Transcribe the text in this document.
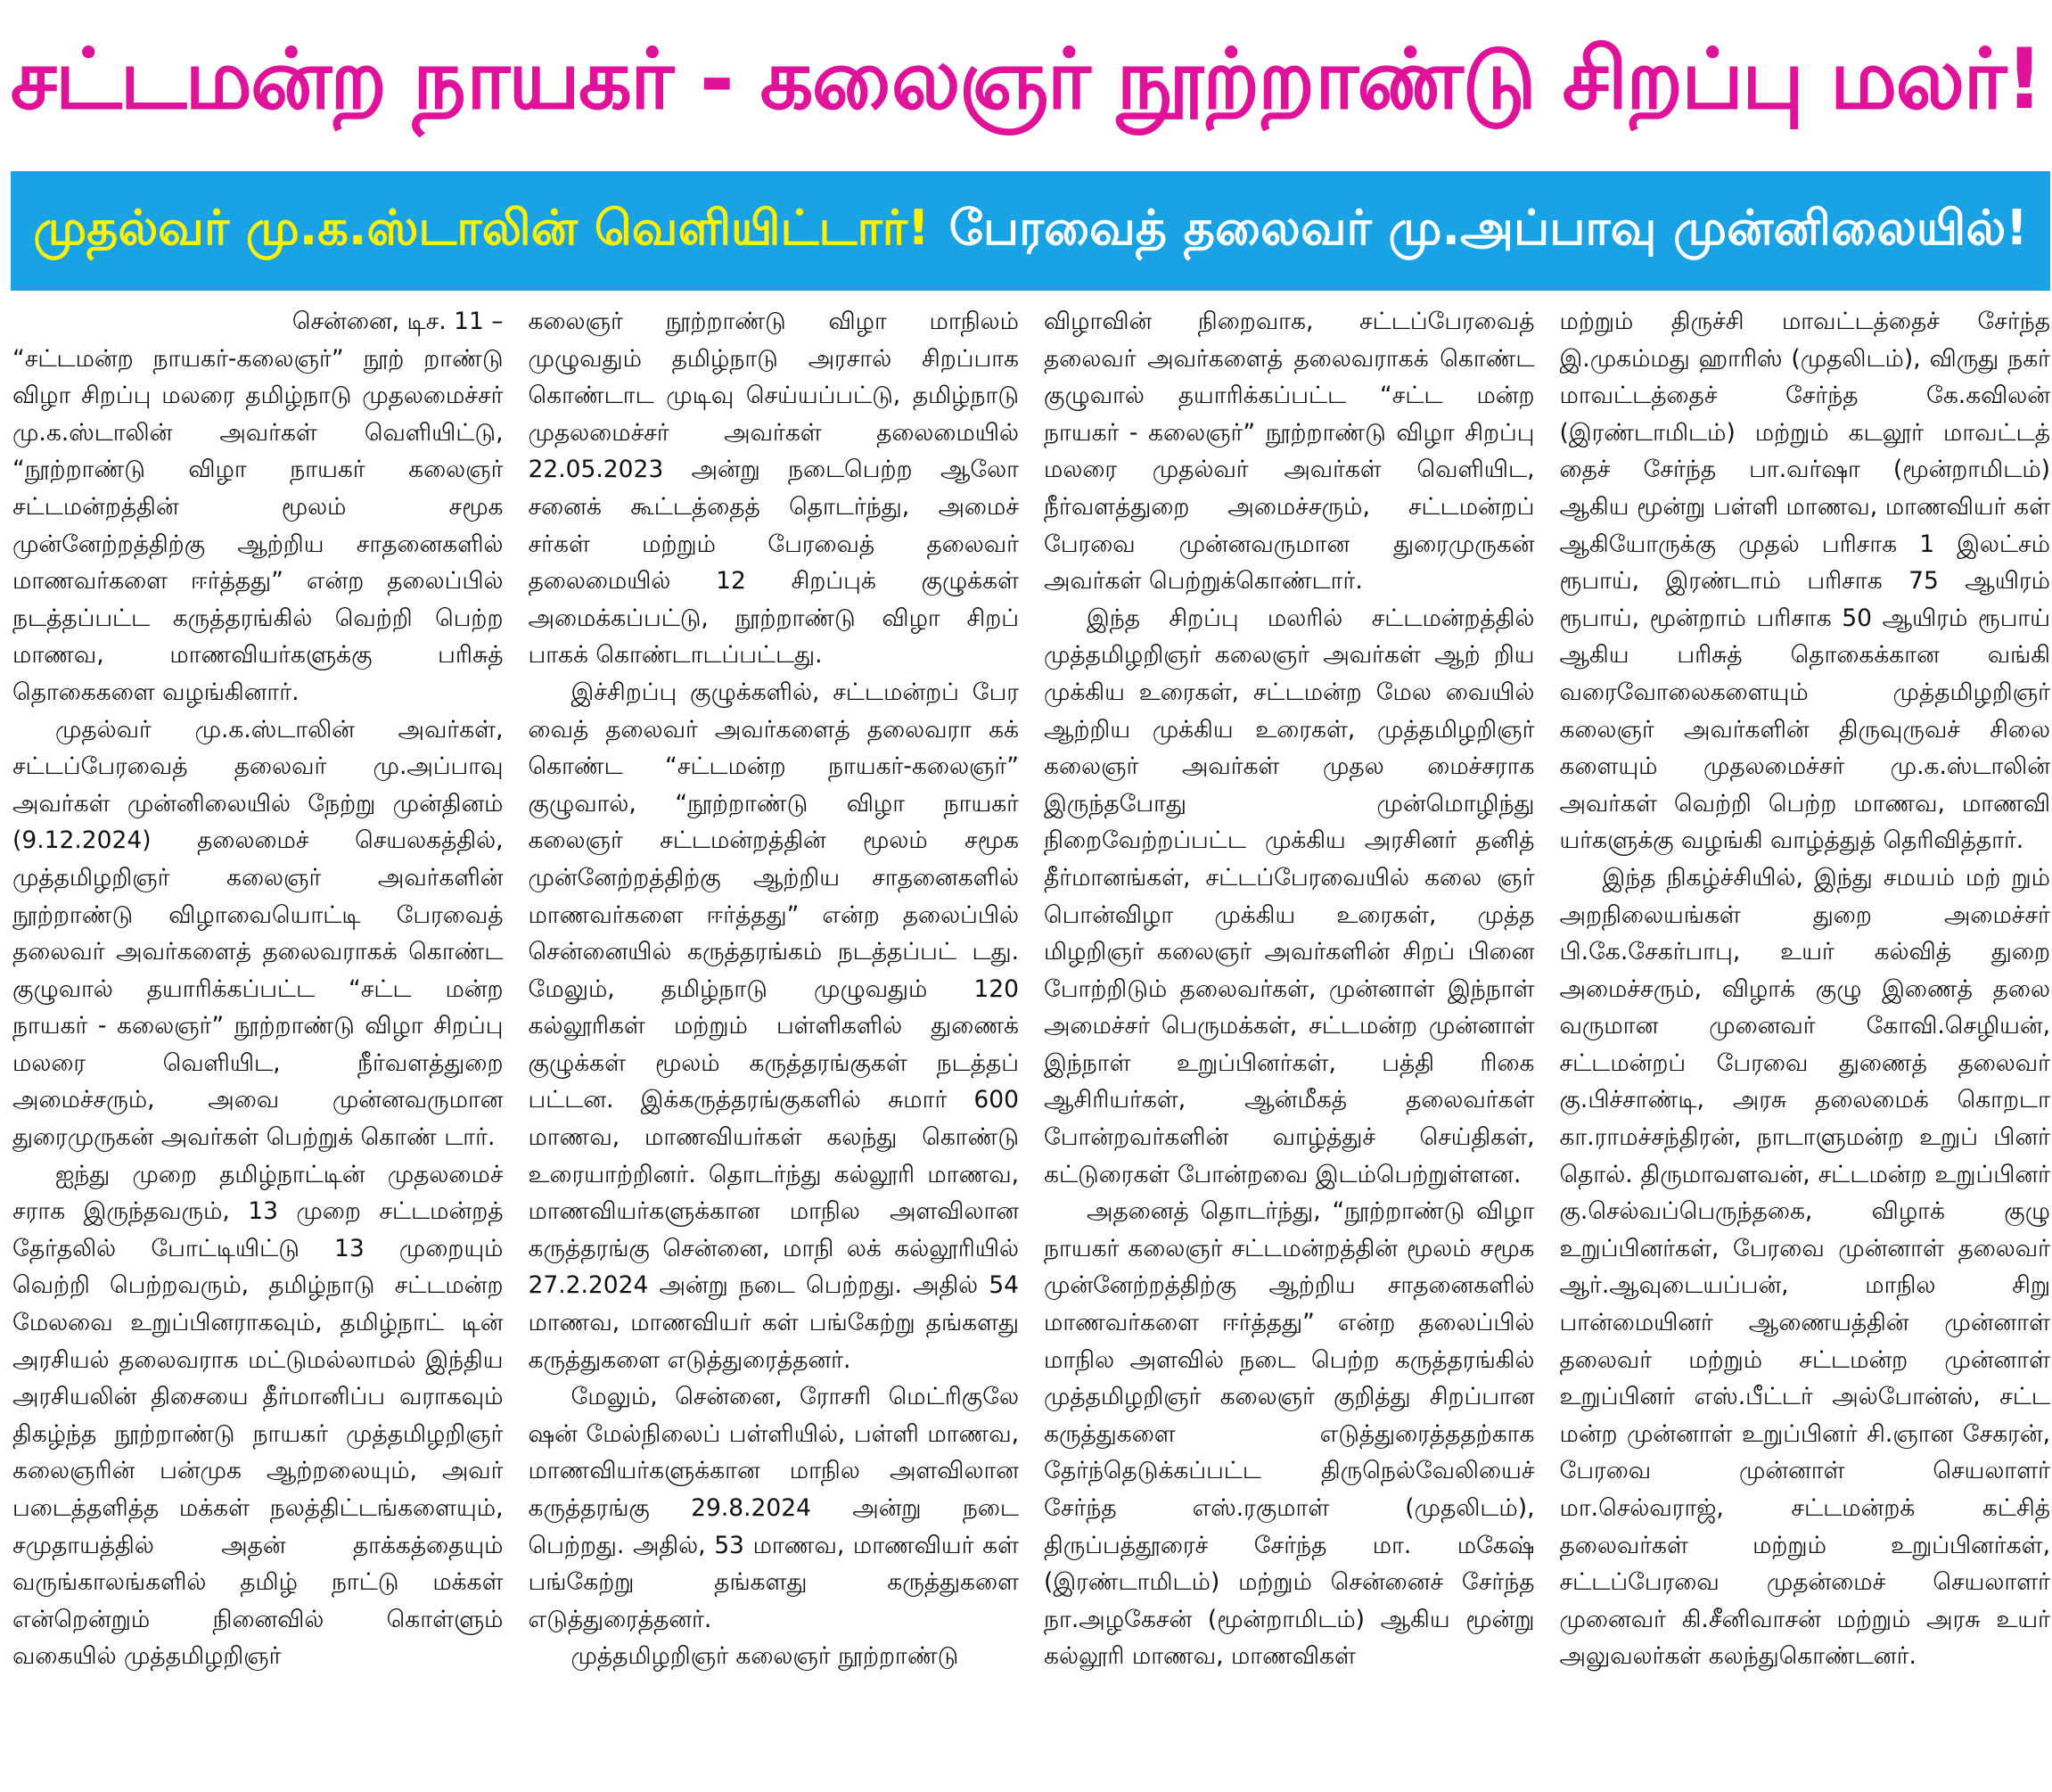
சட்டமன்ற நாயகர் - கலைஞர் நூற்றாண்டு சிறப்பு மலர்!
முதல்வர் மு.க.ஸ்டாலின் வெளியிட்டார்! பேரவைத் தலைவர் மு.அப்பாவு முன்னிலையில்!
சென்னை, டிச. 11 –

“சட்டமன்ற நாயகர்-கலைஞர்” நூற் றாண்டு விழா சிறப்பு மலரை தமிழ்நாடு முதலமைச்சர் மு.க.ஸ்டாலின் அவர்கள் வெளியிட்டு, “நூற்றாண்டு விழா நாயகர் கலைஞர் சட்டமன்றத்தின் மூலம் சமூக முன்னேற்றத்திற்கு ஆற்றிய சாதனைகளில் மாணவர்களை ஈர்த்தது” என்ற தலைப்பில் நடத்தப்பட்ட கருத்தரங்கில் வெற்றி பெற்ற மாணவ, மாணவியர்களுக்கு பரிசுத் தொகைகளை வழங்கினார்.

முதல்வர் மு.க.ஸ்டாலின் அவர்கள், சட்டப்பேரவைத் தலைவர் மு.அப்பாவு அவர்கள் முன்னிலையில் நேற்று முன்தினம் (9.12.2024) தலைமைச் செயலகத்தில், முத்தமிழறிஞர் கலைஞர் அவர்களின் நூற்றாண்டு விழாவையொட்டி பேரவைத் தலைவர் அவர்களைத் தலைவராகக் கொண்ட குழுவால் தயாரிக்கப்பட்ட “சட்ட மன்ற நாயகர் - கலைஞர்” நூற்றாண்டு விழா சிறப்பு மலரை வெளியிட, நீர்வளத்துறை அமைச்சரும், அவை முன்னவருமான துரைமுருகன் அவர்கள் பெற்றுக் கொண் டார்.

ஐந்து முறை தமிழ்நாட்டின் முதலமைச் சராக இருந்தவரும், 13 முறை சட்டமன்றத் தேர்தலில் போட்டியிட்டு 13 முறையும் வெற்றி பெற்றவரும், தமிழ்நாடு சட்டமன்ற மேலவை உறுப்பினராகவும், தமிழ்நாட் டின் அரசியல் தலைவராக மட்டுமல்லாமல் இந்திய அரசியலின் திசையை தீர்மானிப்ப வராகவும் திகழ்ந்த நூற்றாண்டு நாயகர் முத்தமிழறிஞர் கலைஞரின் பன்முக ஆற்றலையும், அவர் படைத்தளித்த மக்கள் நலத்திட்டங்களையும், சமுதாயத்தில் அதன் தாக்கத்தையும் வருங்காலங்களில் தமிழ் நாட்டு மக்கள் என்றென்றும் நினைவில் கொள்ளும் வகையில் முத்தமிழறிஞர்

கலைஞர் நூற்றாண்டு விழா மாநிலம் முழுவதும் தமிழ்நாடு அரசால் சிறப்பாக கொண்டாட முடிவு செய்யப்பட்டு, தமிழ்நாடு முதலமைச்சர் அவர்கள் தலைமையில் 22.05.2023 அன்று நடைபெற்ற ஆலோ சனைக் கூட்டத்தைத் தொடர்ந்து, அமைச் சர்கள் மற்றும் பேரவைத் தலைவர் தலைமையில் 12 சிறப்புக் குழுக்கள் அமைக்கப்பட்டு, நூற்றாண்டு விழா சிறப் பாகக் கொண்டாடப்பட்டது.

இச்சிறப்பு குழுக்களில், சட்டமன்றப் பேர வைத் தலைவர் அவர்களைத் தலைவரா கக் கொண்ட “சட்டமன்ற நாயகர்-கலைஞர்” குழுவால், “நூற்றாண்டு விழா நாயகர் கலைஞர் சட்டமன்றத்தின் மூலம் சமூக முன்னேற்றத்திற்கு ஆற்றிய சாதனைகளில் மாணவர்களை ஈர்த்தது” என்ற தலைப்பில் சென்னையில் கருத்தரங்கம் நடத்தப்பட் டது. மேலும், தமிழ்நாடு முழுவதும் 120 கல்லூரிகள் மற்றும் பள்ளிகளில் துணைக் குழுக்கள் மூலம் கருத்தரங்குகள் நடத்தப் பட்டன. இக்கருத்தரங்குகளில் சுமார் 600 மாணவ, மாணவியர்கள் கலந்து கொண்டு உரையாற்றினர். தொடர்ந்து கல்லூரி மாணவ, மாணவியர்களுக்கான மாநில அளவிலான கருத்தரங்கு சென்னை, மாநி லக் கல்லூரியில் 27.2.2024 அன்று நடை பெற்றது. அதில் 54 மாணவ, மாணவியர் கள் பங்கேற்று தங்களது கருத்துகளை எடுத்துரைத்தனர்.

மேலும், சென்னை, ரோசரி மெட்ரிகுலே ஷன் மேல்நிலைப் பள்ளியில், பள்ளி மாணவ, மாணவியர்களுக்கான மாநில அளவிலான கருத்தரங்கு 29.8.2024 அன்று நடை பெற்றது. அதில், 53 மாணவ, மாணவியர் கள் பங்கேற்று தங்களது கருத்துகளை எடுத்துரைத்தனர்.

முத்தமிழறிஞர் கலைஞர் நூற்றாண்டு

விழாவின் நிறைவாக, சட்டப்பேரவைத் தலைவர் அவர்களைத் தலைவராகக் கொண்ட குழுவால் தயாரிக்கப்பட்ட “சட்ட மன்ற நாயகர் - கலைஞர்” நூற்றாண்டு விழா சிறப்பு மலரை முதல்வர் அவர்கள் வெளியிட, நீர்வளத்துறை அமைச்சரும், சட்டமன்றப் பேரவை முன்னவருமான துரைமுருகன் அவர்கள் பெற்றுக்கொண்டார்.

இந்த சிறப்பு மலரில் சட்டமன்றத்தில் முத்தமிழறிஞர் கலைஞர் அவர்கள் ஆற் றிய முக்கிய உரைகள், சட்டமன்ற மேல வையில் ஆற்றிய முக்கிய உரைகள், முத்தமிழறிஞர் கலைஞர் அவர்கள் முதல மைச்சராக இருந்தபோது முன்மொழிந்து நிறைவேற்றப்பட்ட முக்கிய அரசினர் தனித் தீர்மானங்கள், சட்டப்பேரவையில் கலை ஞர் பொன்விழா முக்கிய உரைகள், முத்த மிழறிஞர் கலைஞர் அவர்களின் சிறப் பினை போற்றிடும் தலைவர்கள், முன்னாள் இந்நாள் அமைச்சர் பெருமக்கள், சட்டமன்ற முன்னாள் இந்நாள் உறுப்பினர்கள், பத்தி ரிகை ஆசிரியர்கள், ஆன்மீகத் தலைவர்கள் போன்றவர்களின் வாழ்த்துச் செய்திகள், கட்டுரைகள் போன்றவை இடம்பெற்றுள்ளன.

அதனைத் தொடர்ந்து, “நூற்றாண்டு விழா நாயகர் கலைஞர் சட்டமன்றத்தின் மூலம் சமூக முன்னேற்றத்திற்கு ஆற்றிய சாதனைகளில் மாணவர்களை ஈர்த்தது” என்ற தலைப்பில் மாநில அளவில் நடை பெற்ற கருத்தரங்கில் முத்தமிழறிஞர் கலைஞர் குறித்து சிறப்பான கருத்துகளை எடுத்துரைத்ததற்காக தேர்ந்தெடுக்கப்பட்ட திருநெல்வேலியைச் சேர்ந்த எஸ்.ரகுமாள் (முதலிடம்), திருப்பத்தூரைச் சேர்ந்த மா. மகேஷ் (இரண்டாமிடம்) மற்றும் சென்னைச் சேர்ந்த நா.அழகேசன் (மூன்றாமிடம்) ஆகிய மூன்று கல்லூரி மாணவ, மாணவிகள்

மற்றும் திருச்சி மாவட்டத்தைச் சேர்ந்த இ.முகம்மது ஹாரிஸ் (முதலிடம்), விருது நகர் மாவட்டத்தைச் சேர்ந்த கே.கவிலன் (இரண்டாமிடம்) மற்றும் கடலூர் மாவட்டத் தைச் சேர்ந்த பா.வர்ஷா (மூன்றாமிடம்) ஆகிய மூன்று பள்ளி மாணவ, மாணவியர் கள் ஆகியோருக்கு முதல் பரிசாக 1 இலட்சம் ரூபாய், இரண்டாம் பரிசாக 75 ஆயிரம் ரூபாய், மூன்றாம் பரிசாக 50 ஆயிரம் ரூபாய் ஆகிய பரிசுத் தொகைக்கான வங்கி வரைவோலைகளையும் முத்தமிழறிஞர் கலைஞர் அவர்களின் திருவுருவச் சிலை களையும் முதலமைச்சர் மு.க.ஸ்டாலின் அவர்கள் வெற்றி பெற்ற மாணவ, மாணவி யர்களுக்கு வழங்கி வாழ்த்துத் தெரிவித்தார்.

இந்த நிகழ்ச்சியில், இந்து சமயம் மற் றும் அறநிலையங்கள் துறை அமைச்சர் பி.கே.சேகர்பாபு, உயர் கல்வித் துறை அமைச்சரும், விழாக் குழு இணைத் தலை வருமான முனைவர் கோவி.செழியன், சட்டமன்றப் பேரவை துணைத் தலைவர் கு.பிச்சாண்டி, அரசு தலைமைக் கொறடா கா.ராமச்சந்திரன், நாடாளுமன்ற உறுப் பினர் தொல். திருமாவளவன், சட்டமன்ற உறுப்பினர் கு.செல்வப்பெருந்தகை, விழாக் குழு உறுப்பினர்கள், பேரவை முன்னாள் தலைவர் ஆர்.ஆவுடையப்பன், மாநில சிறு பான்மையினர் ஆணையத்தின் முன்னாள் தலைவர் மற்றும் சட்டமன்ற முன்னாள் உறுப்பினர் எஸ்.பீட்டர் அல்போன்ஸ், சட்ட மன்ற முன்னாள் உறுப்பினர் சி.ஞான சேகரன், பேரவை முன்னாள் செயலாளர் மா.செல்வராஜ், சட்டமன்றக் கட்சித் தலைவர்கள் மற்றும் உறுப்பினர்கள், சட்டப்பேரவை முதன்மைச் செயலாளர் முனைவர் கி.சீனிவாசன் மற்றும் அரசு உயர் அலுவலர்கள் கலந்துகொண்டனர்.
